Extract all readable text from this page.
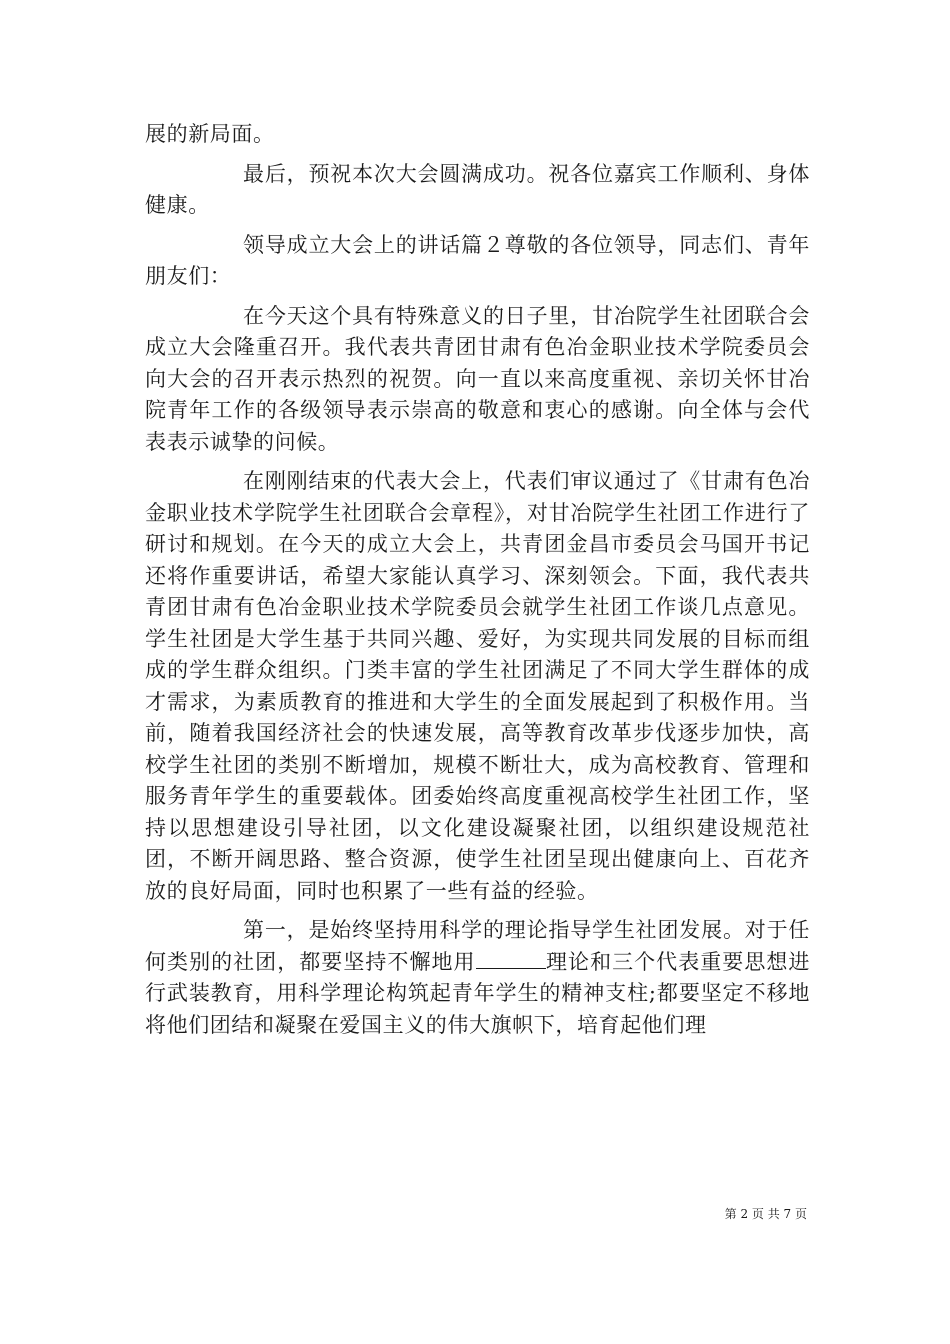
展的新局面。

最后，预祝本次大会圆满成功。祝各位嘉宾工作顺利、身体健康。

领导成立大会上的讲话篇２尊敬的各位领导，同志们、青年朋友们：

在今天这个具有特殊意义的日子里，甘冶院学生社团联合会成立大会隆重召开。我代表共青团甘肃有色冶金职业技术学院委员会向大会的召开表示热烈的祝贺。向一直以来高度重视、亲切关怀甘冶院青年工作的各级领导表示崇高的敬意和衷心的感谢。向全体与会代表表示诚挚的问候。

在刚刚结束的代表大会上，代表们审议通过了《甘肃有色冶金职业技术学院学生社团联合会章程》，对甘冶院学生社团工作进行了研讨和规划。在今天的成立大会上，共青团金昌市委员会马国开书记还将作重要讲话，希望大家能认真学习、深刻领会。下面，我代表共青团甘肃有色冶金职业技术学院委员会就学生社团工作谈几点意见。学生社团是大学生基于共同兴趣、爱好，为实现共同发展的目标而组成的学生群众组织。门类丰富的学生社团满足了不同大学生群体的成才需求，为素质教育的推进和大学生的全面发展起到了积极作用。当前，随着我国经济社会的快速发展，高等教育改革步伐逐步加快，高校学生社团的类别不断增加，规模不断壮大，成为高校教育、管理和服务青年学生的重要载体。团委始终高度重视高校学生社团工作，坚持以思想建设引导社团，以文化建设凝聚社团，以组织建设规范社团，不断开阔思路、整合资源，使学生社团呈现出健康向上、百花齐放的良好局面，同时也积累了一些有益的经验。

第一，是始终坚持用科学的理论指导学生社团发展。对于任何类别的社团，都要坚持不懈地用	理论和三个代表重要思想进行武装教育，用科学理论构筑起青年学生的精神支柱;都要坚定不移地将他们团结和凝聚在爱国主义的伟大旗帜下，培育起他们理

第 2 页 共 7 页
